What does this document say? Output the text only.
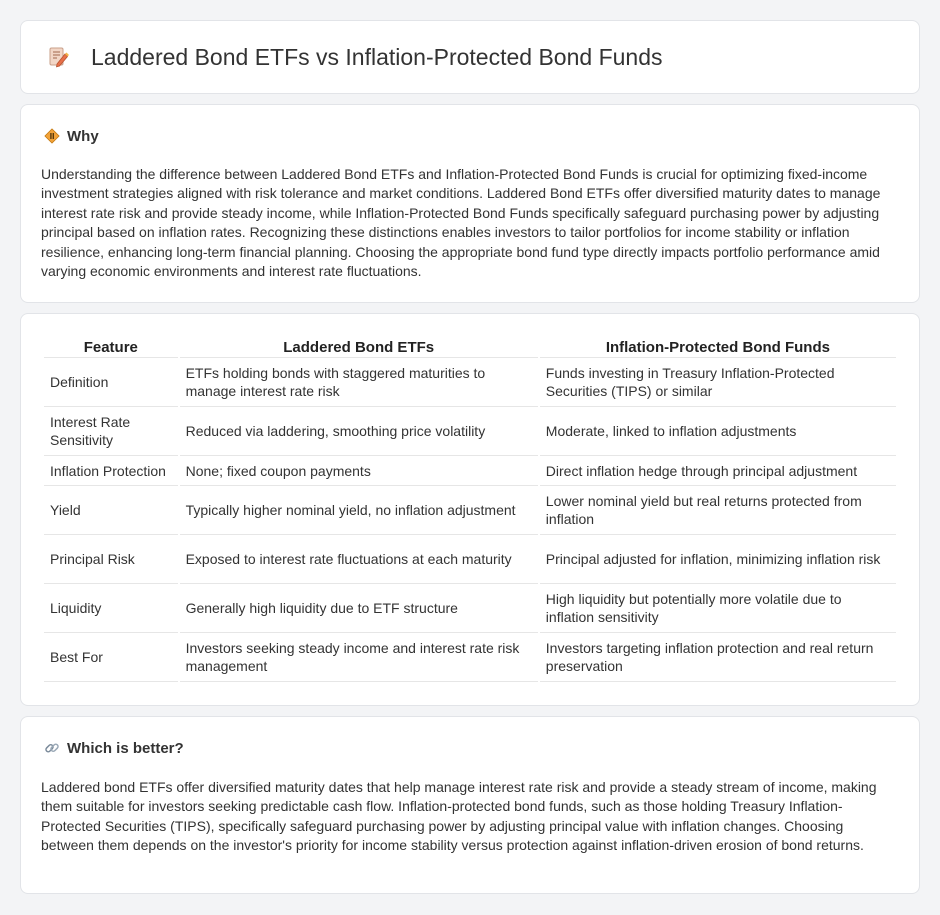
Laddered Bond ETFs vs Inflation-Protected Bond Funds
Why

Understanding the difference between Laddered Bond ETFs and Inflation-Protected Bond Funds is crucial for optimizing fixed-income investment strategies aligned with risk tolerance and market conditions. Laddered Bond ETFs offer diversified maturity dates to manage interest rate risk and provide steady income, while Inflation-Protected Bond Funds specifically safeguard purchasing power by adjusting principal based on inflation rates. Recognizing these distinctions enables investors to tailor portfolios for income stability or inflation resilience, enhancing long-term financial planning. Choosing the appropriate bond fund type directly impacts portfolio performance amid varying economic environments and interest rate fluctuations.

Feature	Laddered Bond ETFs	Inflation-Protected Bond Funds
Definition	ETFs holding bonds with staggered maturities to manage interest rate risk	Funds investing in Treasury Inflation-Protected Securities (TIPS) or similar
Interest Rate Sensitivity	Reduced via laddering, smoothing price volatility	Moderate, linked to inflation adjustments
Inflation Protection	None; fixed coupon payments	Direct inflation hedge through principal adjustment
Yield	Typically higher nominal yield, no inflation adjustment	Lower nominal yield but real returns protected from inflation
Principal Risk	Exposed to interest rate fluctuations at each maturity	Principal adjusted for inflation, minimizing inflation risk
Liquidity	Generally high liquidity due to ETF structure	High liquidity but potentially more volatile due to inflation sensitivity
Best For	Investors seeking steady income and interest rate risk management	Investors targeting inflation protection and real return preservation
Which is better?

Laddered bond ETFs offer diversified maturity dates that help manage interest rate risk and provide a steady stream of income, making them suitable for investors seeking predictable cash flow. Inflation-protected bond funds, such as those holding Treasury Inflation-Protected Securities (TIPS), specifically safeguard purchasing power by adjusting principal value with inflation changes. Choosing between them depends on the investor's priority for income stability versus protection against inflation-driven erosion of bond returns.
